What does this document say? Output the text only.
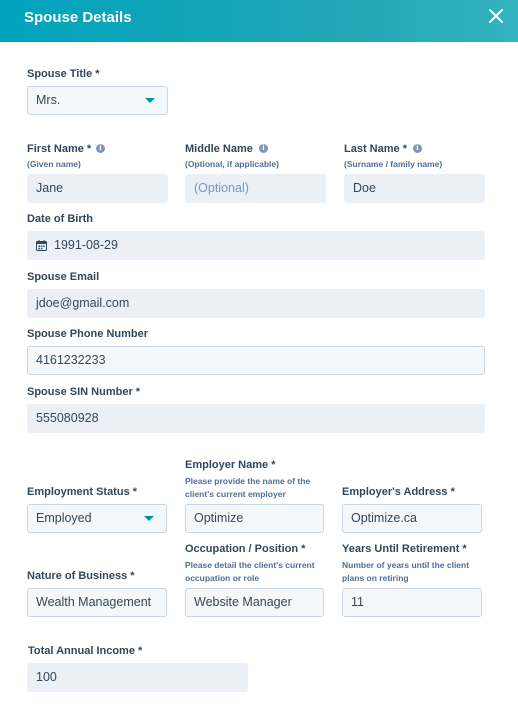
Spouse Details
Spouse Title *
Mrs.
First Name *	i
(Given name)
Jane
Middle Name	i
(Optional, if applicable)
(Optional)
Last Name *	i
(Surname / family name)
Doe
Date of Birth
1991-08-29
Spouse Email
jdoe@gmail.com
Spouse Phone Number
4161232233
Spouse SIN Number *
555080928
Employer Name *
Please provide the name of the
client's current employer
Optimize
Employment Status *
Employed
Employer's Address *
Optimize.ca
Occupation / Position *
Please detail the client's current
occupation or role
Website Manager
Years Until Retirement *
Number of years until the client
plans on retiring
11
Nature of Business *
Wealth Management
Total Annual Income *
100
